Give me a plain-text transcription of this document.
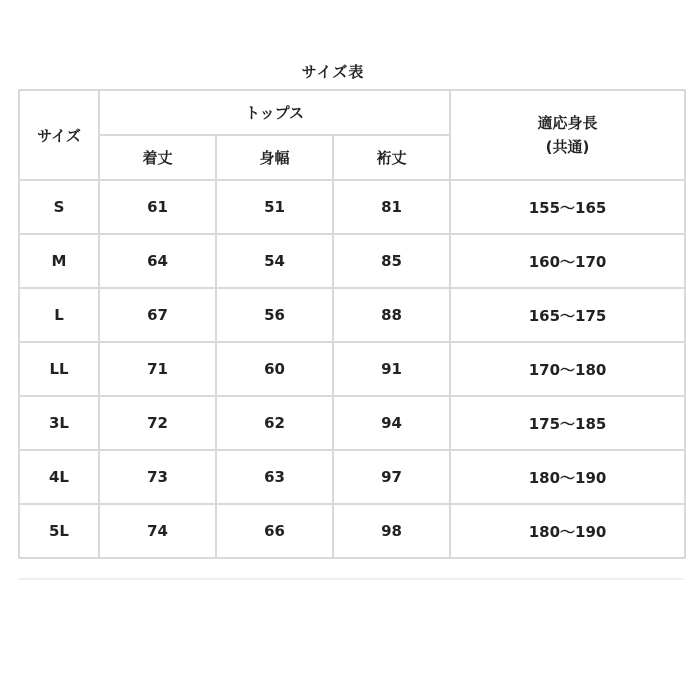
サイズ表
サイズ	トップス			適応身長
(共通)

	着丈	身幅	裄丈	
S	61	51	81	155〜165
M	64	54	85	160〜170
L	67	56	88	165〜175
LL	71	60	91	170〜180
3L	72	62	94	175〜185
4L	73	63	97	180〜190
5L	74	66	98	180〜190
